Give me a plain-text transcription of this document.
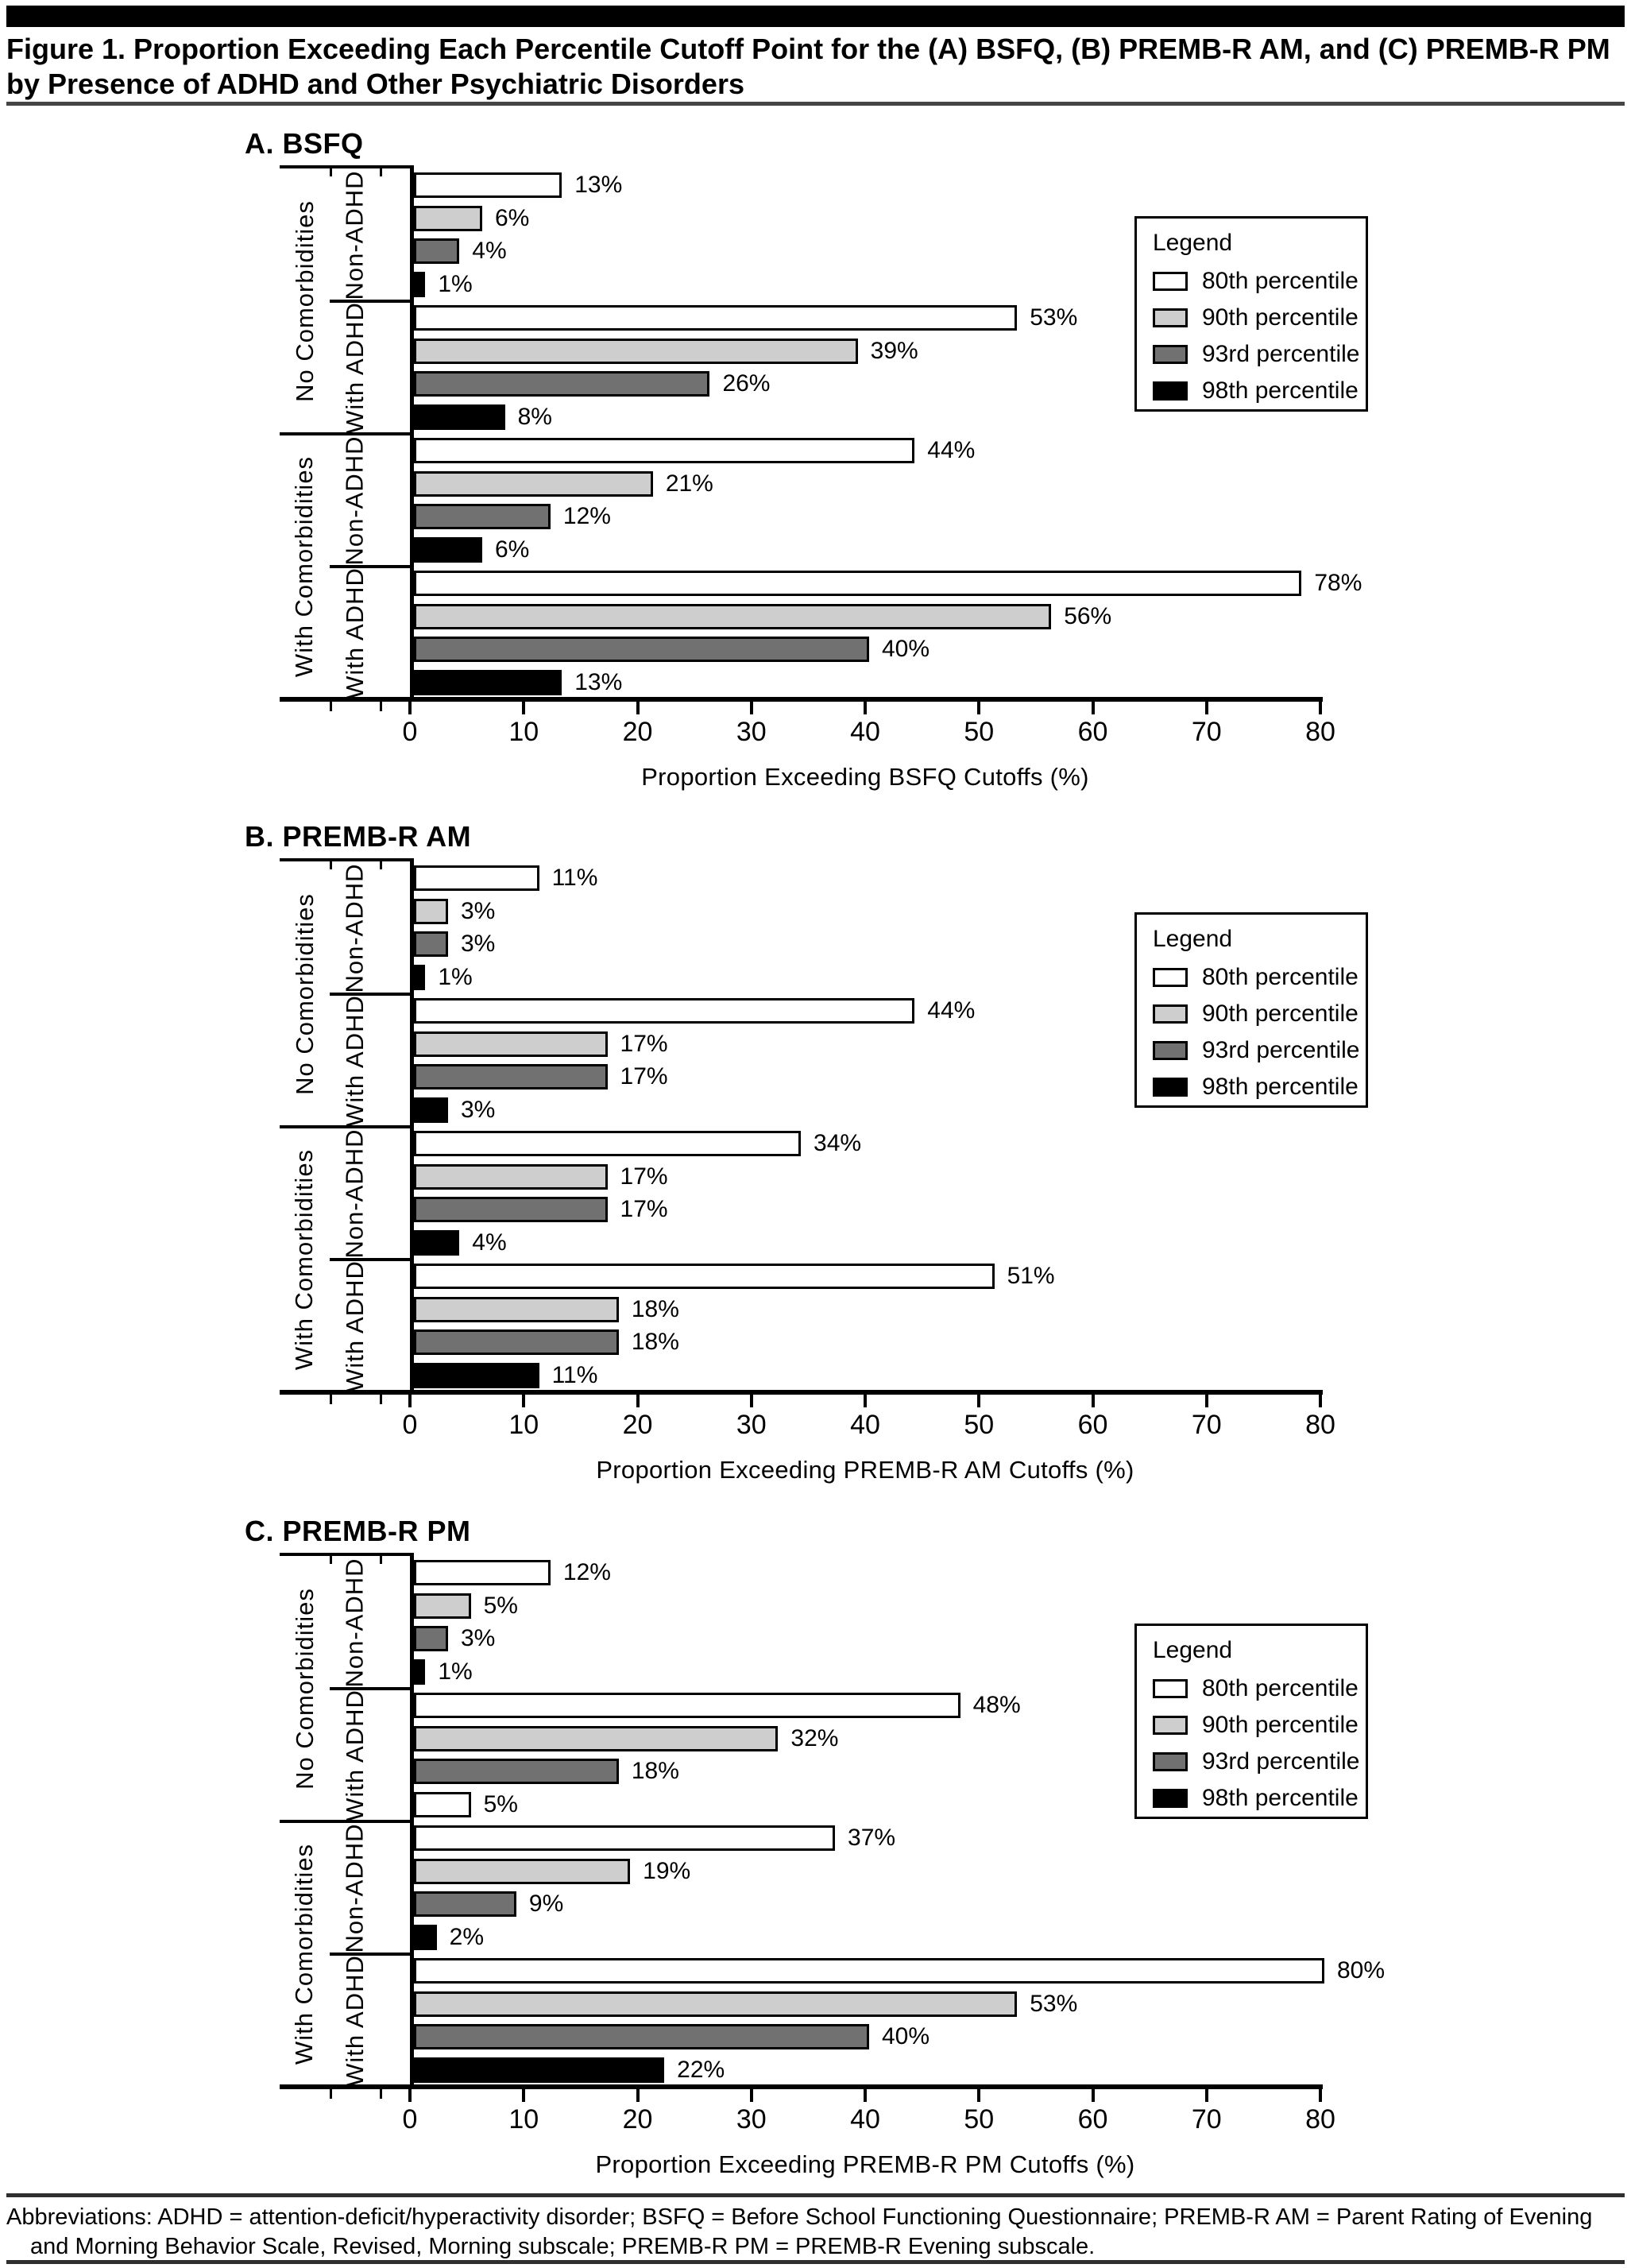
Figure 1. Proportion Exceeding Each Percentile Cutoff Point for the (A) BSFQ, (B) PREMB-R AM, and (C) PREMB-R PM by Presence of ADHD and Other Psychiatric Disorders
A. BSFQ
0	10	20	30	40	50	60	70	80
Proportion Exceeding BSFQ Cutoffs (%)
No Comorbidities Non-ADHD	13%
6%
4%
1%
With ADHD	53%
39%
26%
8%
With Comorbidities Non-ADHD	44%
21%
12%
6%
With ADHD	78%
56%
40%
13%
Legend
80th percentile
90th percentile
93rd percentile
98th percentile
B. PREMB-R AM
0	10	20	30	40	50	60	70	80
Proportion Exceeding PREMB-R AM Cutoffs (%)
No Comorbidities Non-ADHD	11%
3%
3%
1%
With ADHD	44%
17%
17%
3%
With Comorbidities Non-ADHD	34%
17%
17%
4%
With ADHD	51%
18%
18%
11%
Legend
80th percentile
90th percentile
93rd percentile
98th percentile
C. PREMB-R PM
0	10	20	30	40	50	60	70	80
Proportion Exceeding PREMB-R PM Cutoffs (%)
No Comorbidities Non-ADHD	12%
5%
3%
1%
With ADHD	48%
32%
18%
5%
With Comorbidities Non-ADHD	37%
19%
9%
2%
With ADHD	80%
53%
40%
22%
Legend
80th percentile
90th percentile
93rd percentile
98th percentile

Abbreviations: ADHD = attention-deficit/hyperactivity disorder; BSFQ = Before School Functioning Questionnaire; PREMB-R AM = Parent Rating of Evening and Morning Behavior Scale, Revised, Morning subscale; PREMB-R PM = PREMB-R Evening subscale.
